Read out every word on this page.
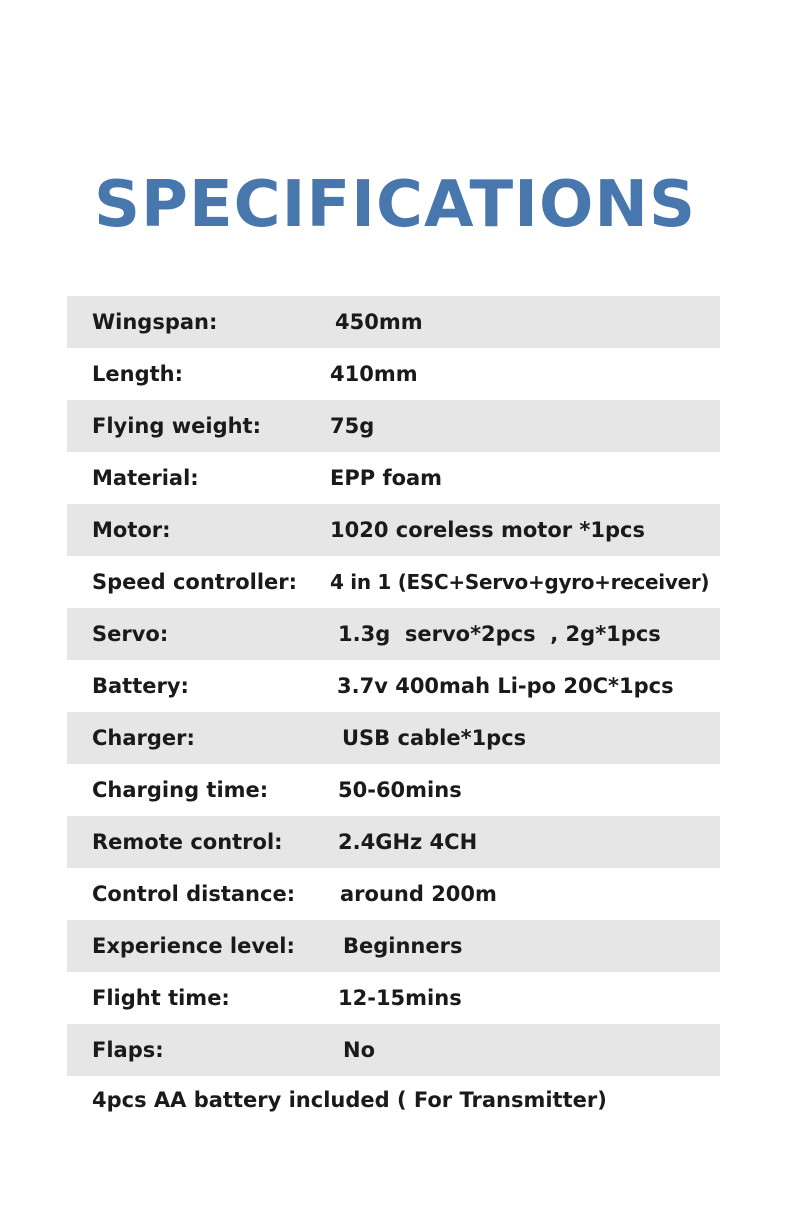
SPECIFICATIONS
Wingspan:	450mm
Length:	410mm
Flying weight:	75g
Material:	EPP foam
Motor:	1020 coreless motor *1pcs
Speed controller: 4 in 1 (ESC+Servo+gyro+receiver)
Servo:	1.3g  servo*2pcs  , 2g*1pcs
Battery:	3.7v 400mah Li-po 20C*1pcs
Charger:	USB cable*1pcs
Charging time:	50-60mins
Remote control:	2.4GHz 4CH
Control distance: around 200m
Experience level: Beginners
Flight time:	12-15mins
Flaps:	No

4pcs AA battery included ( For Transmitter)
